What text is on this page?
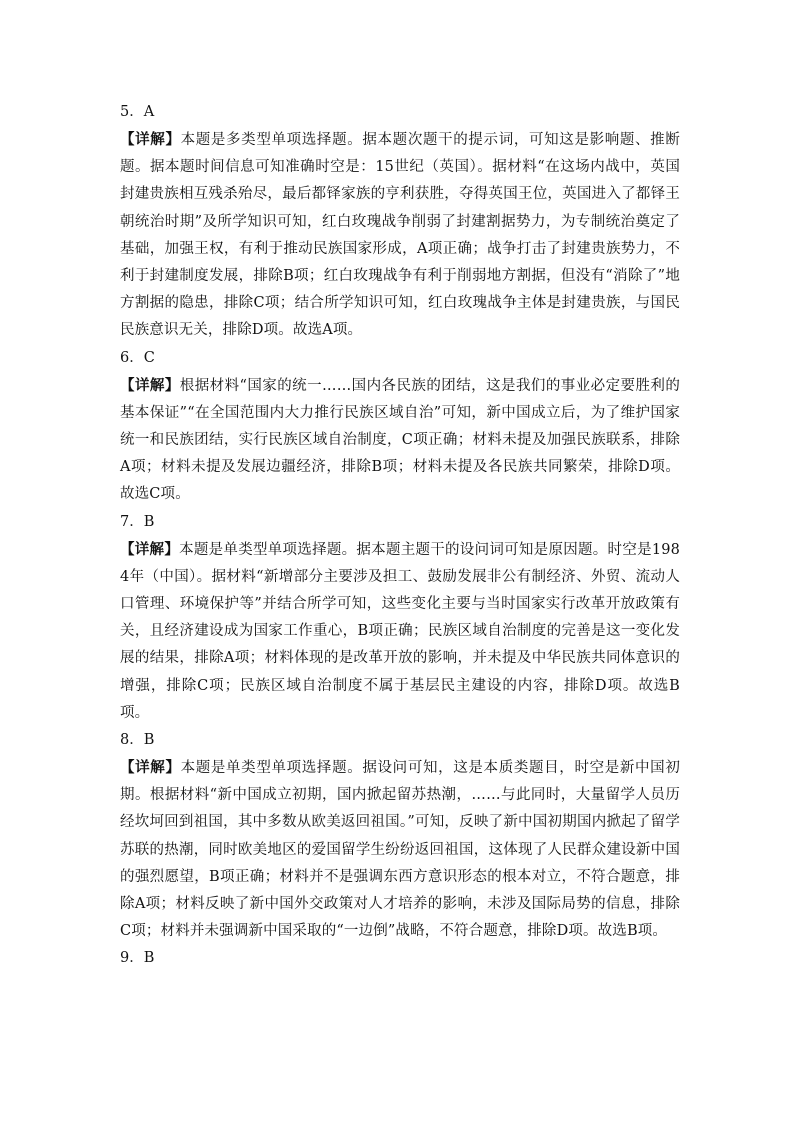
5．A

【详解】本题是多类型单项选择题。据本题次题干的提示词，可知这是影响题、推断题。据本题时间信息可知准确时空是：15世纪（英国）。据材料“在这场内战中，英国封建贵族相互残杀殆尽，最后都铎家族的亨利获胜，夺得英国王位，英国进入了都铎王朝统治时期”及所学知识可知，红白玫瑰战争削弱了封建割据势力，为专制统治奠定了基础，加强王权，有利于推动民族国家形成，A项正确；战争打击了封建贵族势力，不利于封建制度发展，排除B项；红白玫瑰战争有利于削弱地方割据，但没有“消除了”地方割据的隐患，排除C项；结合所学知识可知，红白玫瑰战争主体是封建贵族，与国民民族意识无关，排除D项。故选A项。

6．C

【详解】根据材料“国家的统一……国内各民族的团结，这是我们的事业必定要胜利的基本保证”“在全国范围内大力推行民族区域自治”可知，新中国成立后，为了维护国家统一和民族团结，实行民族区域自治制度，C项正确；材料未提及加强民族联系，排除A项；材料未提及发展边疆经济，排除B项；材料未提及各民族共同繁荣，排除D项。故选C项。

7．B

【详解】本题是单类型单项选择题。据本题主题干的设问词可知是原因题。时空是1984年（中国）。据材料“新增部分主要涉及担工、鼓励发展非公有制经济、外贸、流动人口管理、环境保护等”并结合所学可知，这些变化主要与当时国家实行改革开放政策有关，且经济建设成为国家工作重心，B项正确；民族区域自治制度的完善是这一变化发展的结果，排除A项；材料体现的是改革开放的影响，并未提及中华民族共同体意识的增强，排除C项；民族区域自治制度不属于基层民主建设的内容，排除D项。故选B项。

8．B

【详解】本题是单类型单项选择题。据设问可知，这是本质类题目，时空是新中国初期。根据材料“新中国成立初期，国内掀起留苏热潮，……与此同时，大量留学人员历经坎坷回到祖国，其中多数从欧美返回祖国。”可知，反映了新中国初期国内掀起了留学苏联的热潮，同时欧美地区的爱国留学生纷纷返回祖国，这体现了人民群众建设新中国的强烈愿望，B项正确；材料并不是强调东西方意识形态的根本对立，不符合题意，排除A项；材料反映了新中国外交政策对人才培养的影响，未涉及国际局势的信息，排除C项；材料并未强调新中国采取的“一边倒”战略，不符合题意，排除D项。故选B项。

9．B
